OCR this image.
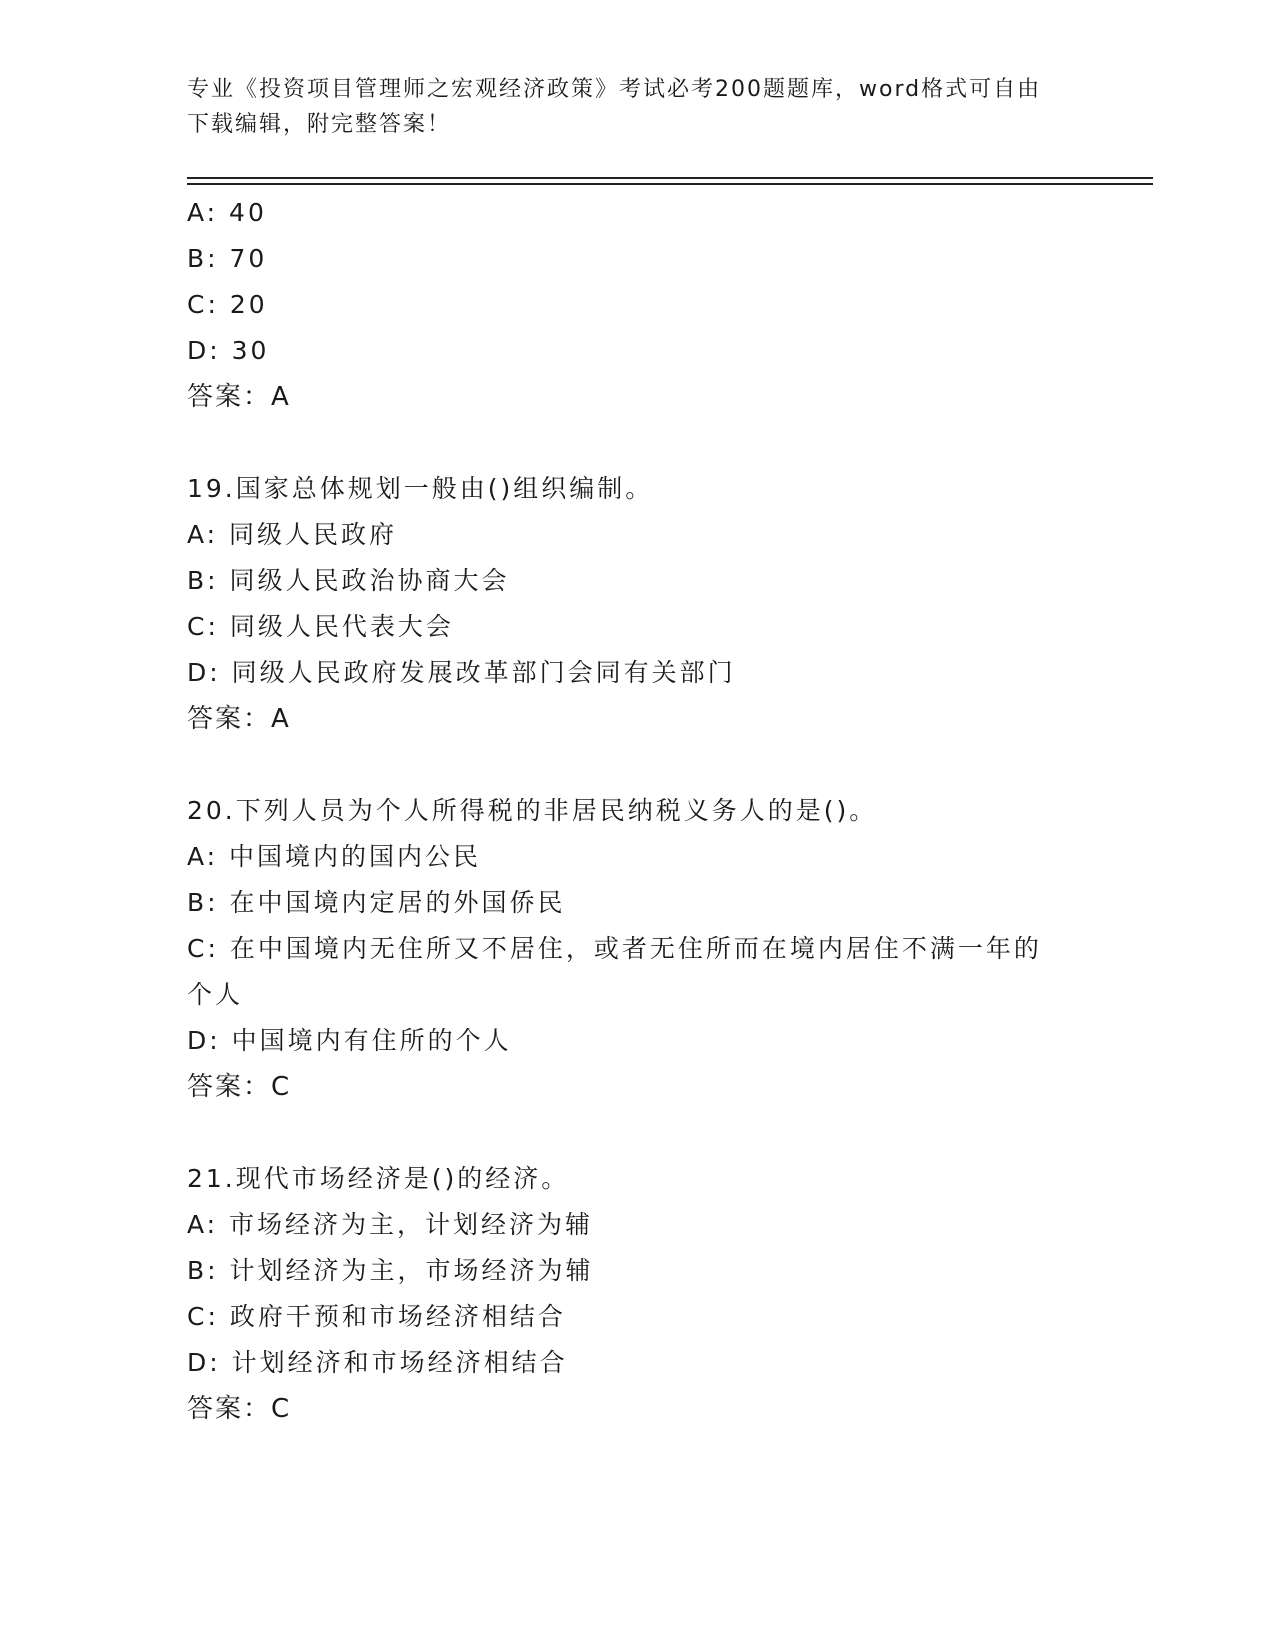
专业《投资项目管理师之宏观经济政策》考试必考200题题库，word格式可自由
下载编辑，附完整答案！
A: 40
B: 70
C: 20
D: 30
答案：A
19.国家总体规划一般由()组织编制。
A: 同级人民政府
B: 同级人民政治协商大会
C: 同级人民代表大会
D: 同级人民政府发展改革部门会同有关部门
答案：A
20.下列人员为个人所得税的非居民纳税义务人的是()。
A: 中国境内的国内公民
B: 在中国境内定居的外国侨民
C: 在中国境内无住所又不居住，或者无住所而在境内居住不满一年的
个人
D: 中国境内有住所的个人
答案：C
21.现代市场经济是()的经济。
A: 市场经济为主，计划经济为辅
B: 计划经济为主，市场经济为辅
C: 政府干预和市场经济相结合
D: 计划经济和市场经济相结合
答案：C
